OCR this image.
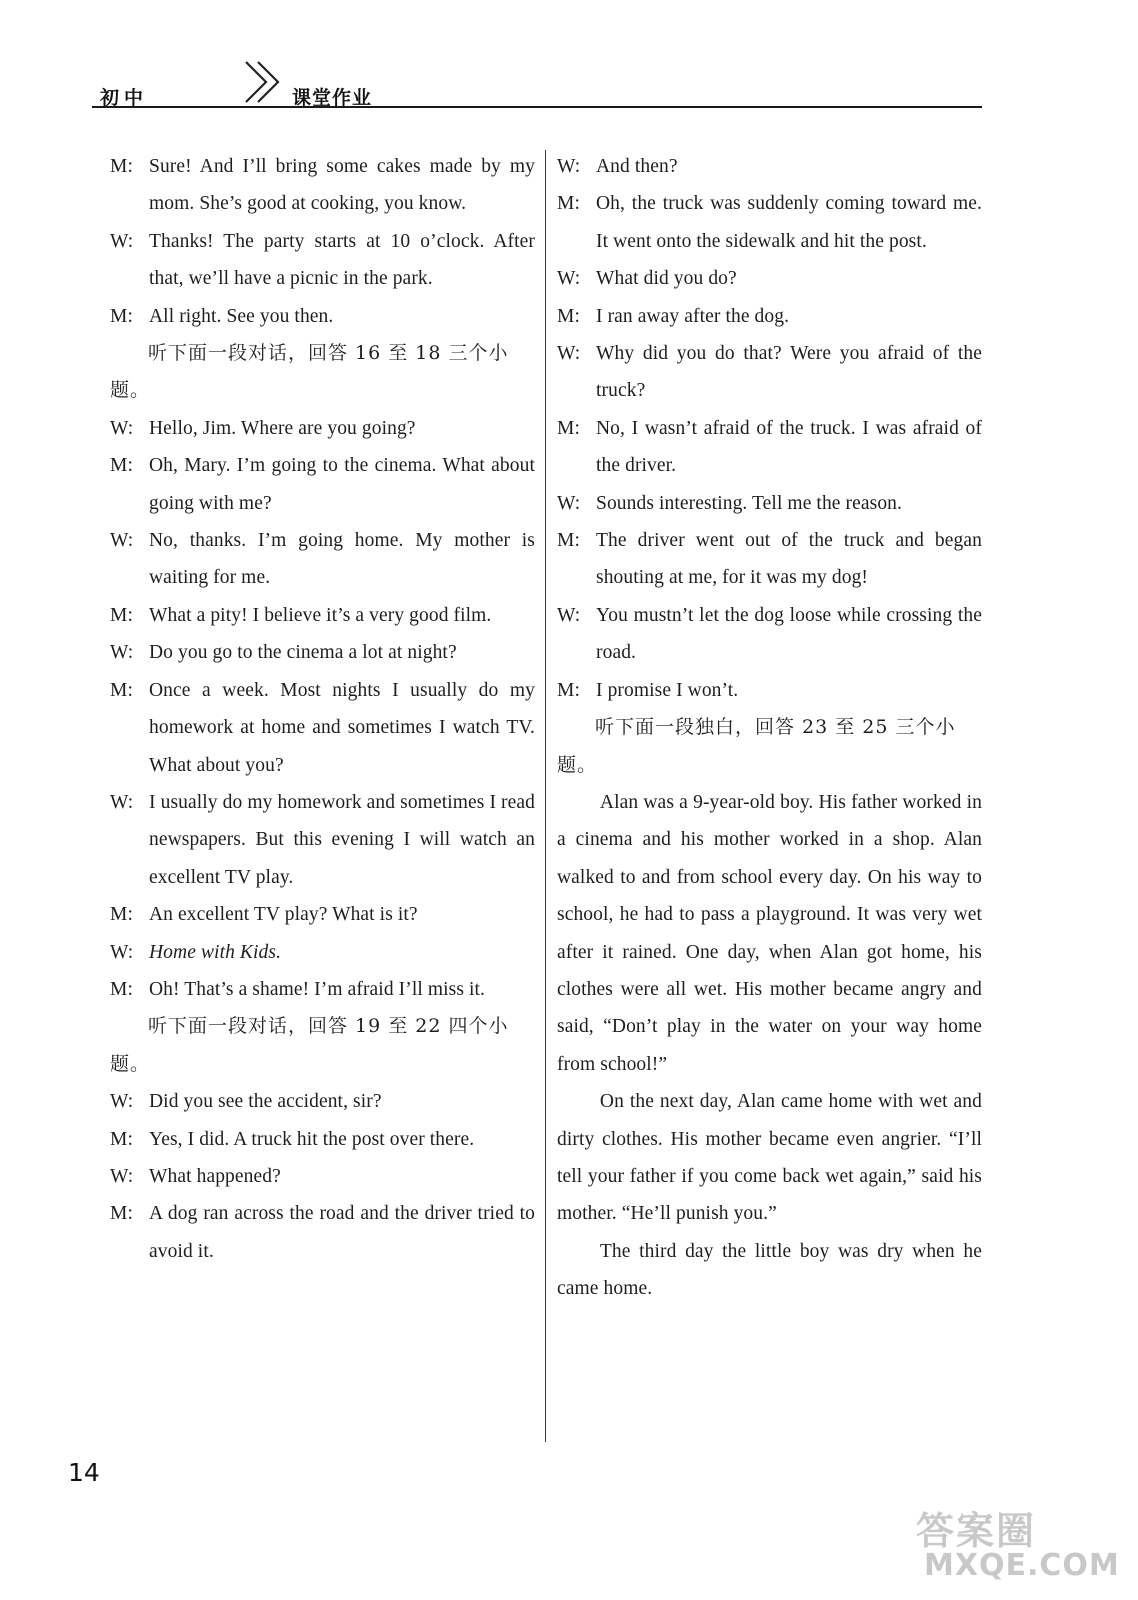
初中	课堂作业
M: Sure! And I’ll bring some cakes made by my mom. She’s good at cooking, you know.
W: Thanks! The party starts at 10 o’clock. After that, we’ll have a picnic in the park.
M: All right. See you then.
听下面一段对话，回答 16 至 18 三个小题。
W: Hello, Jim. Where are you going?
M: Oh, Mary. I’m going to the cinema. What about going with me?
W: No, thanks. I’m going home. My mother is waiting for me.
M: What a pity! I believe it’s a very good film.
W: Do you go to the cinema a lot at night?
M: Once a week. Most nights I usually do my homework at home and sometimes I watch TV. What about you?
W: I usually do my homework and sometimes I read newspapers. But this evening I will watch an excellent TV play.
M: An excellent TV play? What is it?
W: Home with Kids.
M: Oh! That’s a shame! I’m afraid I’ll miss it.
听下面一段对话，回答 19 至 22 四个小题。
W: Did you see the accident, sir?
M: Yes, I did. A truck hit the post over there.
W: What happened?
M: A dog ran across the road and the driver tried to avoid it.
W: And then?
M: Oh, the truck was suddenly coming toward me. It went onto the sidewalk and hit the post.
W: What did you do?
M: I ran away after the dog.
W: Why did you do that? Were you afraid of the truck?
M: No, I wasn’t afraid of the truck. I was afraid of the driver.
W: Sounds interesting. Tell me the reason.
M: The driver went out of the truck and began shouting at me, for it was my dog!
W: You mustn’t let the dog loose while crossing the road.
M: I promise I won’t.
听下面一段独白，回答 23 至 25 三个小题。
Alan was a 9-year-old boy. His father worked in a cinema and his mother worked in a shop. Alan walked to and from school every day. On his way to school, he had to pass a playground. It was very wet after it rained. One day, when Alan got home, his clothes were all wet. His mother became angry and said, “Don’t play in the water on your way home from school!”
On the next day, Alan came home with wet and dirty clothes. His mother became even angrier. “I’ll tell your father if you come back wet again,” said his mother. “He’ll punish you.”
The third day the little boy was dry when he came home.
14
答案圈
MXQE.COM
